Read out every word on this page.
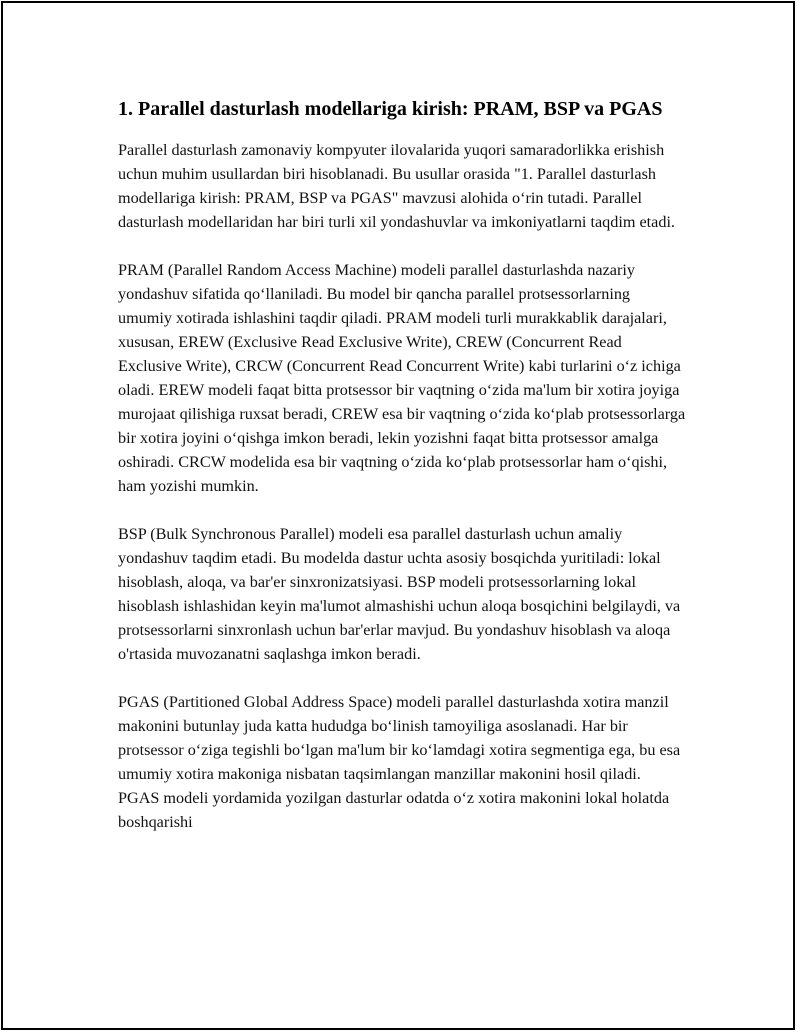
1. Parallel dasturlash modellariga kirish: PRAM, BSP va PGAS

Parallel dasturlash zamonaviy kompyuter ilovalarida yuqori samaradorlikka erishish uchun muhim usullardan biri hisoblanadi. Bu usullar orasida "1. Parallel dasturlash modellariga kirish: PRAM, BSP va PGAS" mavzusi alohida oʻrin tutadi. Parallel dasturlash modellaridan har biri turli xil yondashuvlar va imkoniyatlarni taqdim etadi.

PRAM (Parallel Random Access Machine) modeli parallel dasturlashda nazariy yondashuv sifatida qoʻllaniladi. Bu model bir qancha parallel protsessorlarning umumiy xotirada ishlashini taqdir qiladi. PRAM modeli turli murakkablik darajalari, xususan, EREW (Exclusive Read Exclusive Write), CREW (Concurrent Read Exclusive Write), CRCW (Concurrent Read Concurrent Write) kabi turlarini oʻz ichiga oladi. EREW modeli faqat bitta protsessor bir vaqtning oʻzida ma'lum bir xotira joyiga murojaat qilishiga ruxsat beradi, CREW esa bir vaqtning oʻzida koʻplab protsessorlarga bir xotira joyini oʻqishga imkon beradi, lekin yozishni faqat bitta protsessor amalga oshiradi. CRCW modelida esa bir vaqtning oʻzida koʻplab protsessorlar ham oʻqishi, ham yozishi mumkin.

BSP (Bulk Synchronous Parallel) modeli esa parallel dasturlash uchun amaliy yondashuv taqdim etadi. Bu modelda dastur uchta asosiy bosqichda yuritiladi: lokal hisoblash, aloqa, va bar'er sinxronizatsiyasi. BSP modeli protsessorlarning lokal hisoblash ishlashidan keyin ma'lumot almashishi uchun aloqa bosqichini belgilaydi, va protsessorlarni sinxronlash uchun bar'erlar mavjud. Bu yondashuv hisoblash va aloqa o'rtasida muvozanatni saqlashga imkon beradi.

PGAS (Partitioned Global Address Space) modeli parallel dasturlashda xotira manzil makonini butunlay juda katta hududga boʻlinish tamoyiliga asoslanadi. Har bir protsessor oʻziga tegishli boʻlgan ma'lum bir koʻlamdagi xotira segmentiga ega, bu esa umumiy xotira makoniga nisbatan taqsimlangan manzillar makonini hosil qiladi. PGAS modeli yordamida yozilgan dasturlar odatda oʻz xotira makonini lokal holatda boshqarishi
